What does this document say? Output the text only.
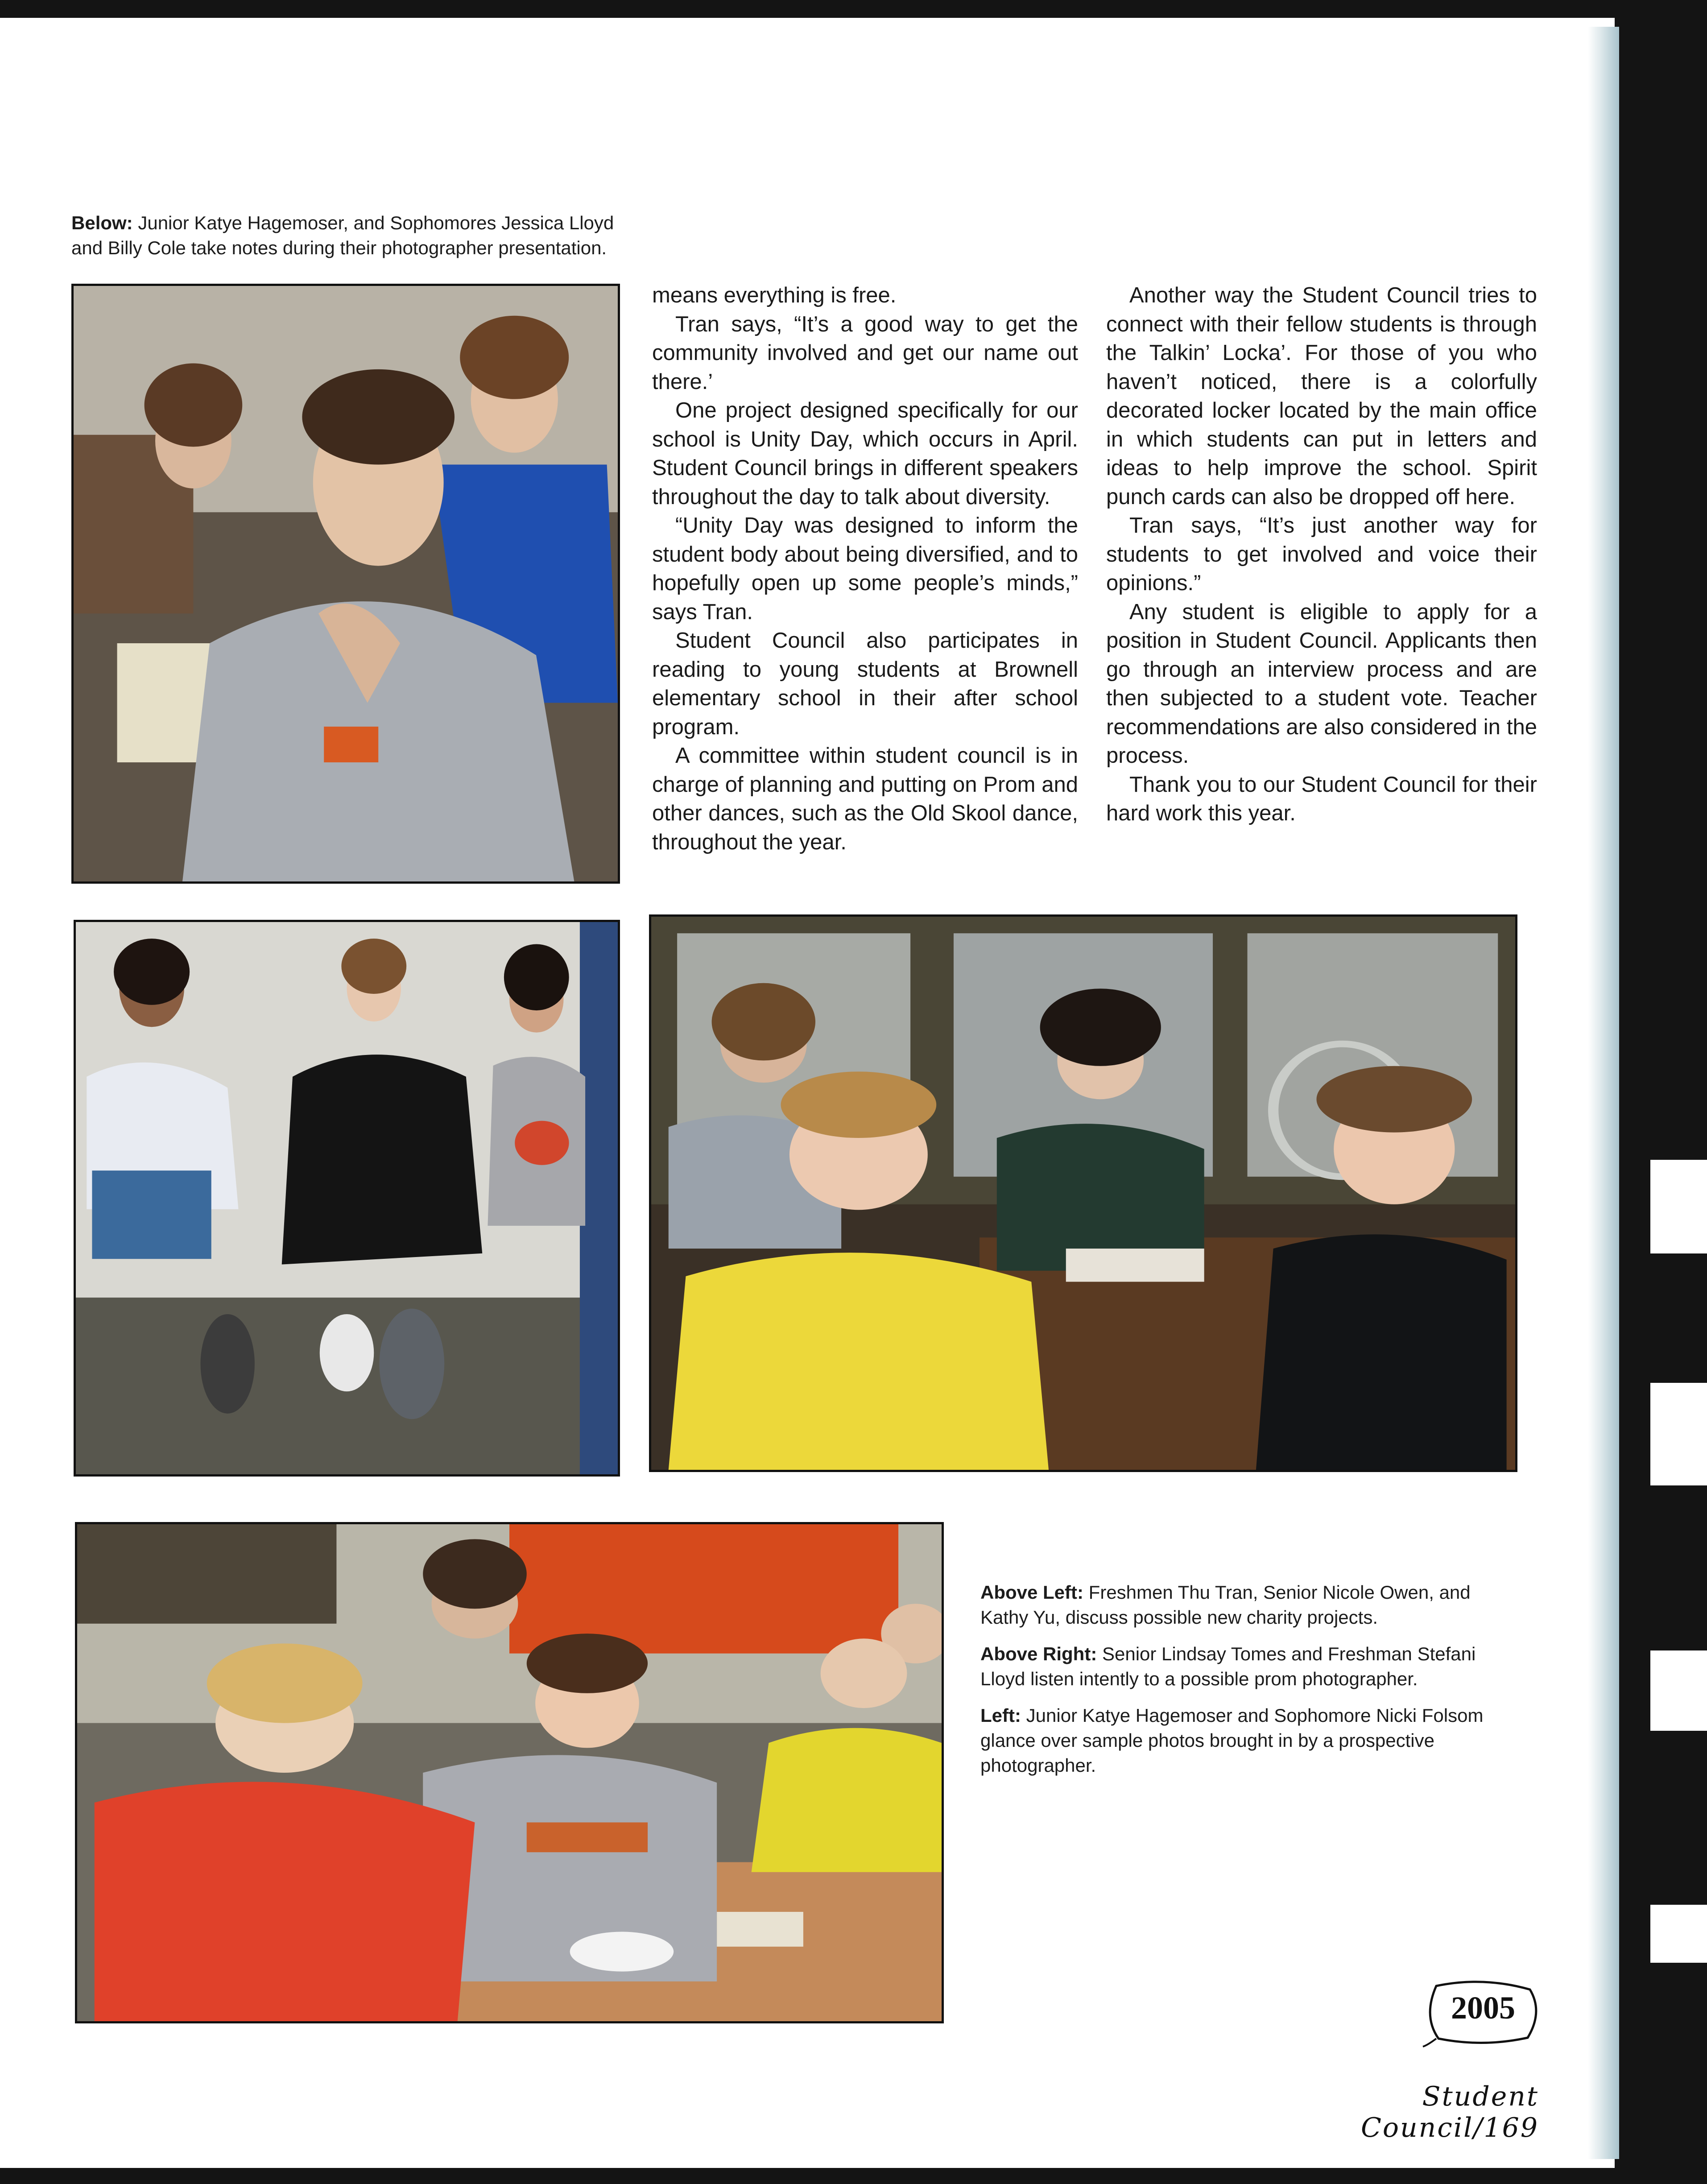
Below: Junior Katye Hagemoser, and Sophomores Jessica Lloyd and Billy Cole take notes during their photographer presentation.

means everything is free.

Tran says, “It’s a good way to get the community involved and get our name out there.’

One project designed specifically for our school is Unity Day, which occurs in April. Student Council brings in different speakers throughout the day to talk about diversity.

“Unity Day was designed to inform the student body about being diversified, and to hopefully open up some people’s minds,” says Tran.

Student Council also participates in reading to young students at Brownell elementary school in their after school program.

A committee within student council is in charge of planning and putting on Prom and other dances, such as the Old Skool dance, throughout the year.

Another way the Student Council tries to connect with their fellow students is through the Talkin’ Locka’. For those of you who haven’t noticed, there is a colorfully decorated locker located by the main office in which students can put in letters and ideas to help improve the school. Spirit punch cards can also be dropped off here.

Tran says, “It’s just another way for students to get involved and voice their opinions.”

Any student is eligible to apply for a position in Student Council. Applicants then go through an interview process and are then subjected to a student vote. Teacher recommendations are also considered in the process.

Thank you to our Student Council for their hard work this year.

Above Left: Freshmen Thu Tran, Senior Nicole Owen, and Kathy Yu, discuss possible new charity projects.

Above Right: Senior Lindsay Tomes and Freshman Stefani Lloyd listen intently to a possible prom photographer.

Left: Junior Katye Hagemoser and Sophomore Nicki Folsom glance over sample photos brought in by a prospective photographer.

2005
Student Council/169
